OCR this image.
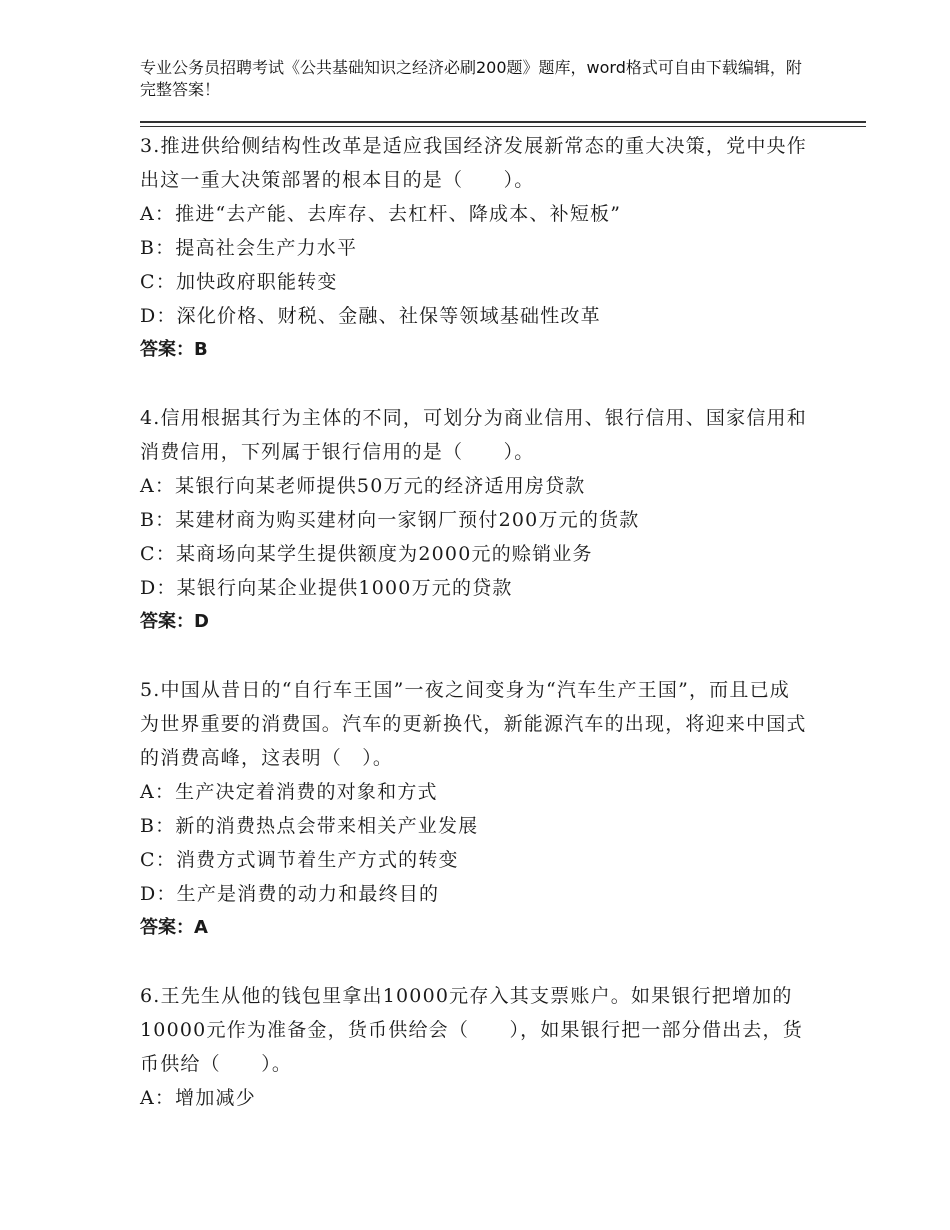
专业公务员招聘考试《公共基础知识之经济必刷200题》题库，word格式可自由下载编辑，附完整答案！

3.推进供给侧结构性改革是适应我国经济发展新常态的重大决策，党中央作出这一重大决策部署的根本目的是（　　）。

A：推进“去产能、去库存、去杠杆、降成本、补短板”

B：提高社会生产力水平

C：加快政府职能转变

D：深化价格、财税、金融、社保等领域基础性改革

答案：B

4.信用根据其行为主体的不同，可划分为商业信用、银行信用、国家信用和消费信用，下列属于银行信用的是（　　）。

A：某银行向某老师提供50万元的经济适用房贷款

B：某建材商为购买建材向一家钢厂预付200万元的货款

C：某商场向某学生提供额度为2000元的赊销业务

D：某银行向某企业提供1000万元的贷款

答案：D

5.中国从昔日的“自行车王国”一夜之间变身为“汽车生产王国”，而且已成为世界重要的消费国。汽车的更新换代，新能源汽车的出现，将迎来中国式的消费高峰，这表明（　）。

A：生产决定着消费的对象和方式

B：新的消费热点会带来相关产业发展

C：消费方式调节着生产方式的转变

D：生产是消费的动力和最终目的

答案：A

6.王先生从他的钱包里拿出10000元存入其支票账户。如果银行把增加的10000元作为准备金，货币供给会（　　），如果银行把一部分借出去，货币供给（　　）。

A：增加减少
